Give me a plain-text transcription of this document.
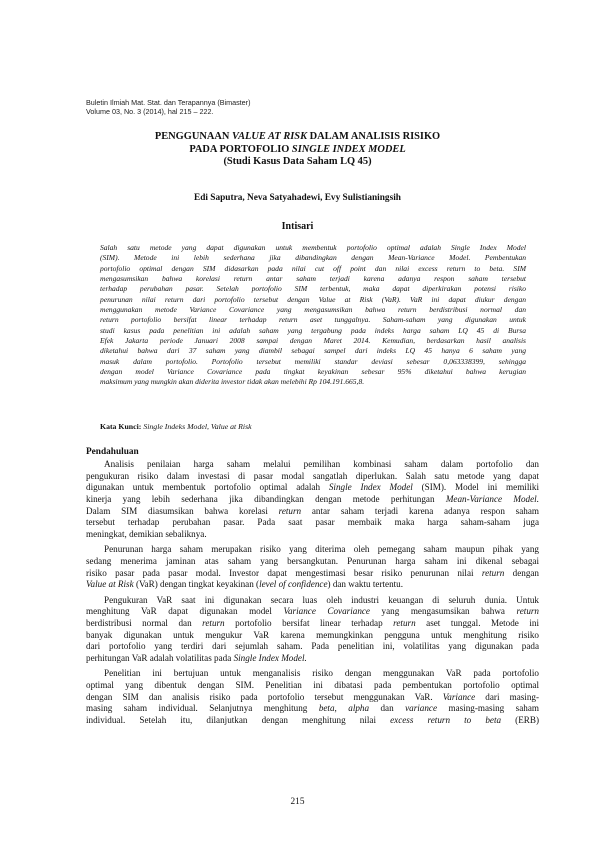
Buletin Ilmiah Mat. Stat. dan Terapannya (Bimaster)
Volume 03, No. 3 (2014), hal 215 – 222.
PENGGUNAAN VALUE AT RISK DALAM ANALISIS RISIKO
PADA PORTOFOLIO SINGLE INDEX MODEL
(Studi Kasus Data Saham LQ 45)
Edi Saputra, Neva Satyahadewi, Evy Sulistianingsih
Intisari
Salah satu metode yang dapat digunakan untuk membentuk portofolio optimal adalah Single Index Model
(SIM). Metode ini lebih sederhana jika dibandingkan dengan Mean-Variance Model. Pembentukan
portofolio optimal dengan SIM didasarkan pada nilai cut off point dan nilai excess return to beta. SIM
mengasumsikan bahwa korelasi return antar saham terjadi karena adanya respon saham tersebut
terhadap perubahan pasar. Setelah portofolio SIM terbentuk, maka dapat diperkirakan potensi risiko
penurunan nilai return dari portofolio tersebut dengan Value at Risk (VaR). VaR ini dapat diukur dengan
menggunakan metode Variance Covariance yang mengasumsikan bahwa return berdistribusi normal dan
return portofolio bersifat linear terhadap return aset tunggalnya. Saham-saham yang digunakan untuk
studi kasus pada penelitian ini adalah saham yang tergabung pada indeks harga saham LQ 45 di Bursa
Efek Jakarta periode Januari 2008 sampai dengan Maret 2014. Kemudian, berdasarkan hasil analisis
diketahui bahwa dari 37 saham yang diambil sebagai sampel dari indeks LQ 45 hanya 6 saham yang
masuk dalam portofolio. Portofolio tersebut memiliki standar deviasi sebesar 0,063338399, sehingga
dengan model Variance Covariance pada tingkat keyakinan sebesar 95% diketahui bahwa kerugian
maksimum yang mungkin akan diderita investor tidak akan melebihi Rp 104.191.665,8.
Kata Kunci: Single Indeks Model, Value at Risk
Pendahuluan
Analisis penilaian harga saham melalui pemilihan kombinasi saham dalam portofolio dan
pengukuran risiko dalam investasi di pasar modal sangatlah diperlukan. Salah satu metode yang dapat
digunakan untuk membentuk portofolio optimal adalah Single Index Model (SIM). Model ini memiliki
kinerja yang lebih sederhana jika dibandingkan dengan metode perhitungan Mean-Variance Model.
Dalam SIM diasumsikan bahwa korelasi return antar saham terjadi karena adanya respon saham
tersebut terhadap perubahan pasar. Pada saat pasar membaik maka harga saham-saham juga
meningkat, demikian sebaliknya.
Penurunan harga saham merupakan risiko yang diterima oleh pemegang saham maupun pihak yang
sedang menerima jaminan atas saham yang bersangkutan. Penurunan harga saham ini dikenal sebagai
risiko pasar pada pasar modal. Investor dapat mengestimasi besar risiko penurunan nilai return dengan
Value at Risk (VaR) dengan tingkat keyakinan (level of confidence) dan waktu tertentu.
Pengukuran VaR saat ini digunakan secara luas oleh industri keuangan di seluruh dunia. Untuk
menghitung VaR dapat digunakan model Variance Covariance yang mengasumsikan bahwa return
berdistribusi normal dan return portofolio bersifat linear terhadap return aset tunggal. Metode ini
banyak digunakan untuk mengukur VaR karena memungkinkan pengguna untuk menghitung risiko
dari portofolio yang terdiri dari sejumlah saham. Pada penelitian ini, volatilitas yang digunakan pada
perhitungan VaR adalah volatilitas pada Single Index Model.
Penelitian ini bertujuan untuk menganalisis risiko dengan menggunakan VaR pada portofolio
optimal yang dibentuk dengan SIM. Penelitian ini dibatasi pada pembentukan portofolio optimal
dengan SIM dan analisis risiko pada portofolio tersebut menggunakan VaR. Variance dari masing-
masing saham individual. Selanjutnya menghitung beta, alpha dan variance masing-masing saham
individual. Setelah itu, dilanjutkan dengan menghitung nilai excess return to beta (ERB)
215
